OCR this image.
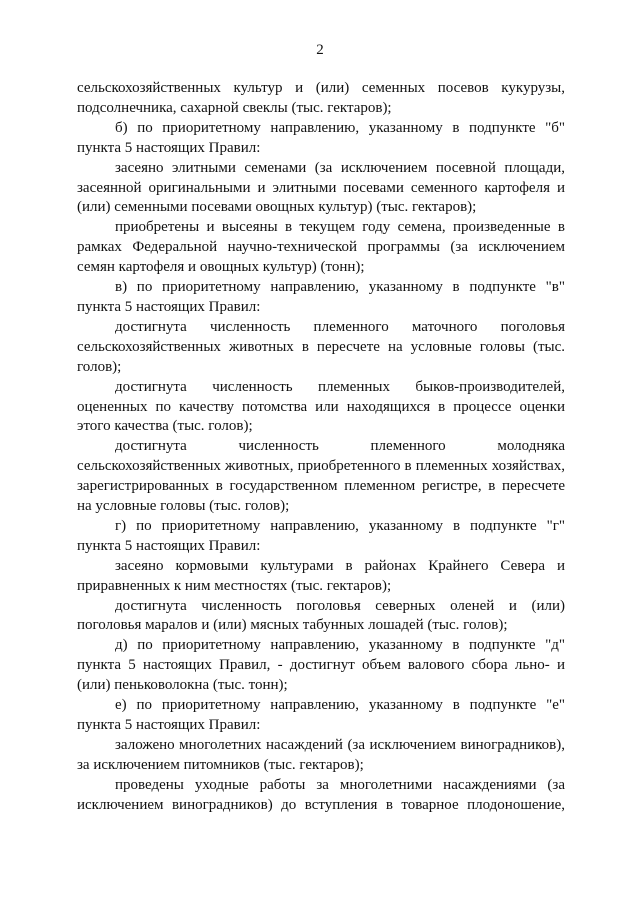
2

сельскохозяйственных культур и (или) семенных посевов кукурузы, подсолнечника, сахарной свеклы (тыс. гектаров);

б) по приоритетному направлению, указанному в подпункте "б" пункта 5 настоящих Правил:

засеяно элитными семенами (за исключением посевной площади, засеянной оригинальными и элитными посевами семенного картофеля и (или) семенными посевами овощных культур) (тыс. гектаров);

приобретены и высеяны в текущем году семена, произведенные в рамках Федеральной научно-технической программы (за исключением семян картофеля и овощных культур) (тонн);

в) по приоритетному направлению, указанному в подпункте "в" пункта 5 настоящих Правил:

достигнута численность племенного маточного поголовья сельскохозяйственных животных в пересчете на условные головы (тыс. голов);

достигнута численность племенных быков-производителей, оцененных по качеству потомства или находящихся в процессе оценки этого качества (тыс. голов);

достигнута численность племенного молодняка сельскохозяйственных животных, приобретенного в племенных хозяйствах, зарегистрированных в государственном племенном регистре, в пересчете на условные головы (тыс. голов);

г) по приоритетному направлению, указанному в подпункте "г" пункта 5 настоящих Правил:

засеяно кормовыми культурами в районах Крайнего Севера и приравненных к ним местностях (тыс. гектаров);

достигнута численность поголовья северных оленей и (или) поголовья маралов и (или) мясных табунных лошадей (тыс. голов);

д) по приоритетному направлению, указанному в подпункте "д" пункта 5 настоящих Правил, - достигнут объем валового сбора льно- и (или) пеньковолокна (тыс. тонн);

е) по приоритетному направлению, указанному в подпункте "е" пункта 5 настоящих Правил:

заложено многолетних насаждений (за исключением виноградников), за исключением питомников (тыс. гектаров);

проведены уходные работы за многолетними насаждениями (за исключением виноградников) до вступления в товарное плодоношение,
